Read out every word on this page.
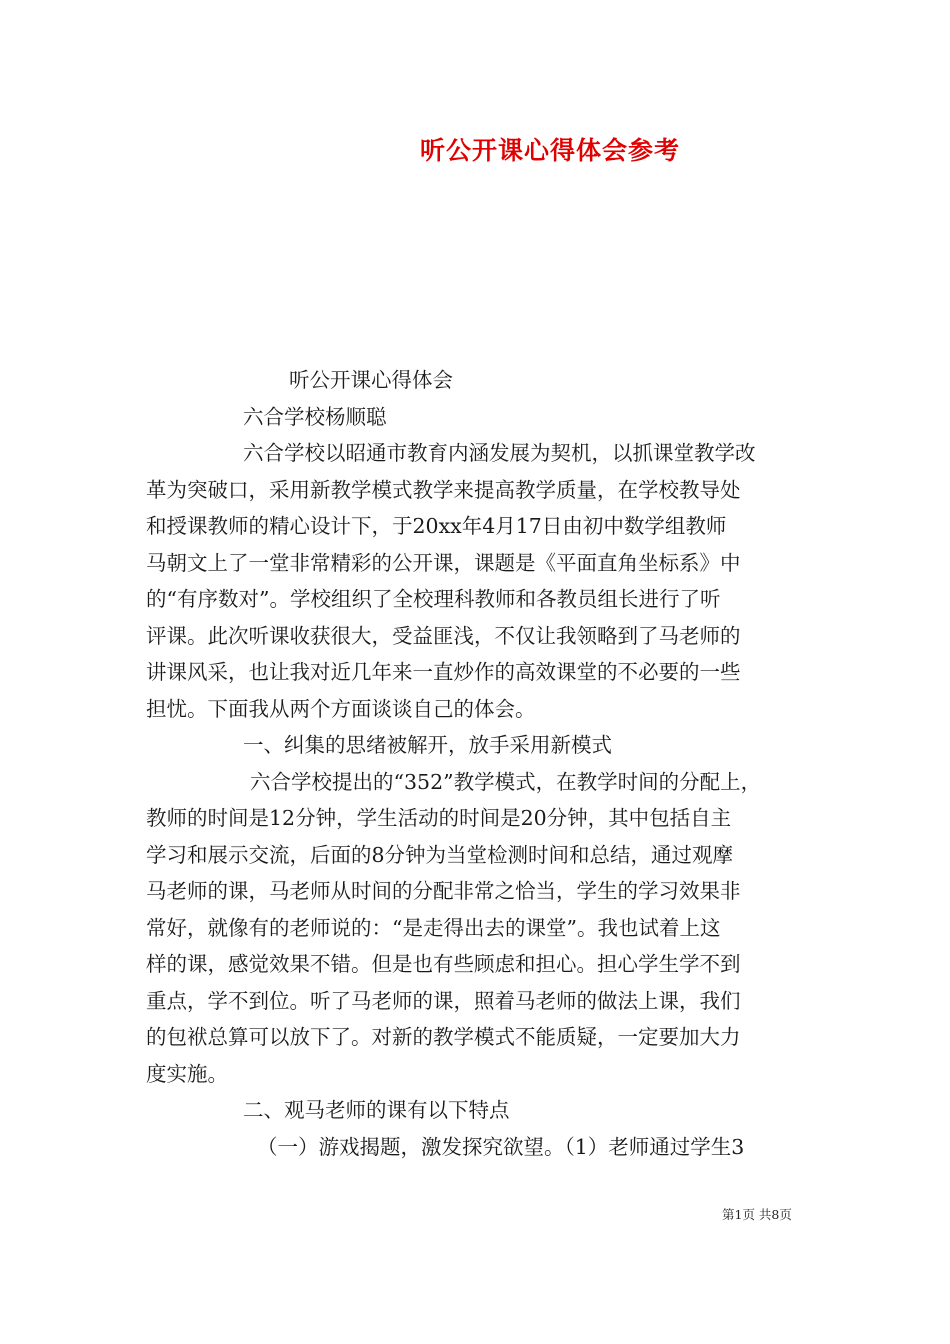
听公开课心得体会参考
听公开课心得体会
六合学校杨顺聪
六合学校以昭通市教育内涵发展为契机，以抓课堂教学改
革为突破口，采用新教学模式教学来提高教学质量，在学校教导处
和授课教师的精心设计下，于20xx年4月17日由初中数学组教师
马朝文上了一堂非常精彩的公开课，课题是《平面直角坐标系》中
的“有序数对”。学校组织了全校理科教师和各教员组长进行了听
评课。此次听课收获很大，受益匪浅，不仅让我领略到了马老师的
讲课风采，也让我对近几年来一直炒作的高效课堂的不必要的一些
担忧。下面我从两个方面谈谈自己的体会。
一、纠集的思绪被解开，放手采用新模式
六合学校提出的“352”教学模式，在教学时间的分配上，
教师的时间是12分钟，学生活动的时间是20分钟，其中包括自主
学习和展示交流，后面的8分钟为当堂检测时间和总结，通过观摩
马老师的课，马老师从时间的分配非常之恰当，学生的学习效果非
常好，就像有的老师说的：“是走得出去的课堂”。我也试着上这
样的课，感觉效果不错。但是也有些顾虑和担心。担心学生学不到
重点，学不到位。听了马老师的课，照着马老师的做法上课，我们
的包袱总算可以放下了。对新的教学模式不能质疑，一定要加大力
度实施。
二、观马老师的课有以下特点
（一）游戏揭题，激发探究欲望。（1）老师通过学生3
第1页 共8页
